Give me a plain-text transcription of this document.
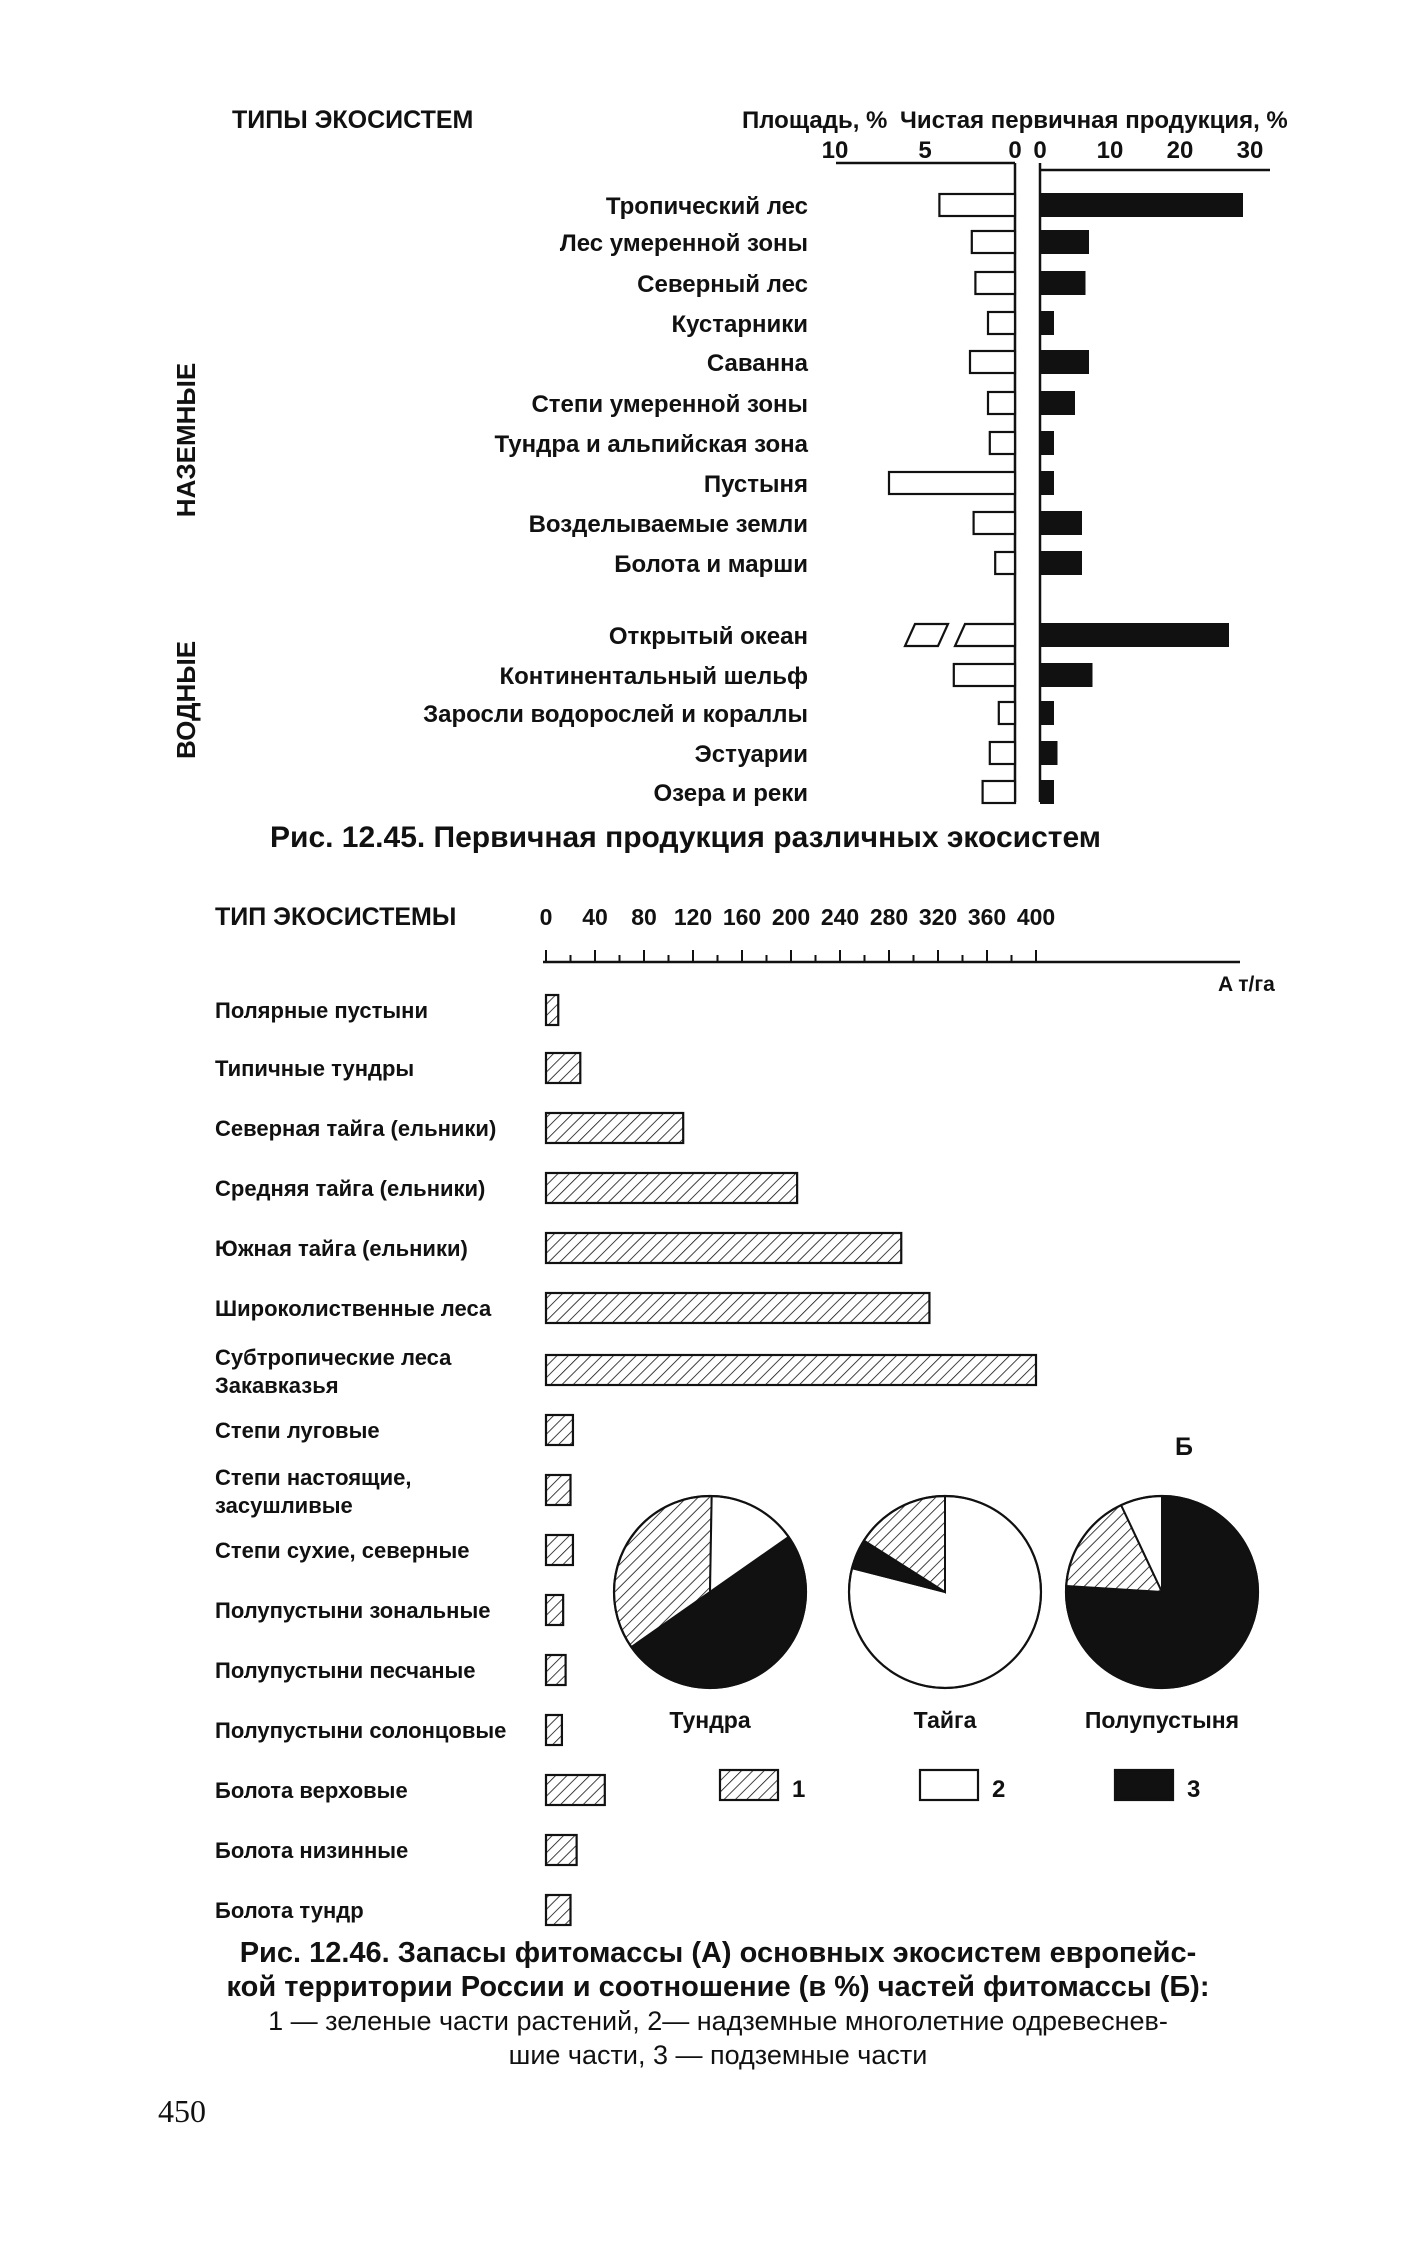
ТИПЫ ЭКОСИСТЕМ	Площадь, % Чистая первичная продукция, %
10	5	0 0 10 20 30
Тропический лес
Лес умеренной зоны
Северный лес
Кустарники
Саванна
Степи умеренной зоны
Тундра и альпийская зона
Пустыня
Возделываемые земли
Болота и марши
Открытый океан
Континентальный шельф
Заросли водорослей и кораллы
Эстуарии
Озера и реки
НАЗЕМНЫЕ
ВОДНЫЕ
Рис. 12.45. Первичная продукция различных экосистем
ТИП ЭКОСИСТЕМЫ	0 40 80 120 160 200 240 280 320 360 400
A т/га
Полярные пустыни
Типичные тундры
Северная тайга (ельники)
Средняя тайга (ельники)
Южная тайга (ельники)
Широколиственные леса
Субтропические леса
Закавказья
Степи луговые
Степи настоящие,
засушливые
Степи сухие, северные
Полупустыни зональные
Полупустыни песчаные
Полупустыни солонцовые
Болота верховые
Болота низинные
Болота тундр
Б
Тундра	Тайга	Полупустыня
1	2	3
Рис. 12.46. Запасы фитомассы (А) основных экосистем европейс-
кой территории России и соотношение (в %) частей фитомассы (Б):
1 — зеленые части растений, 2— надземные многолетние одревеснев-
шие части, 3 — подземные части
450
